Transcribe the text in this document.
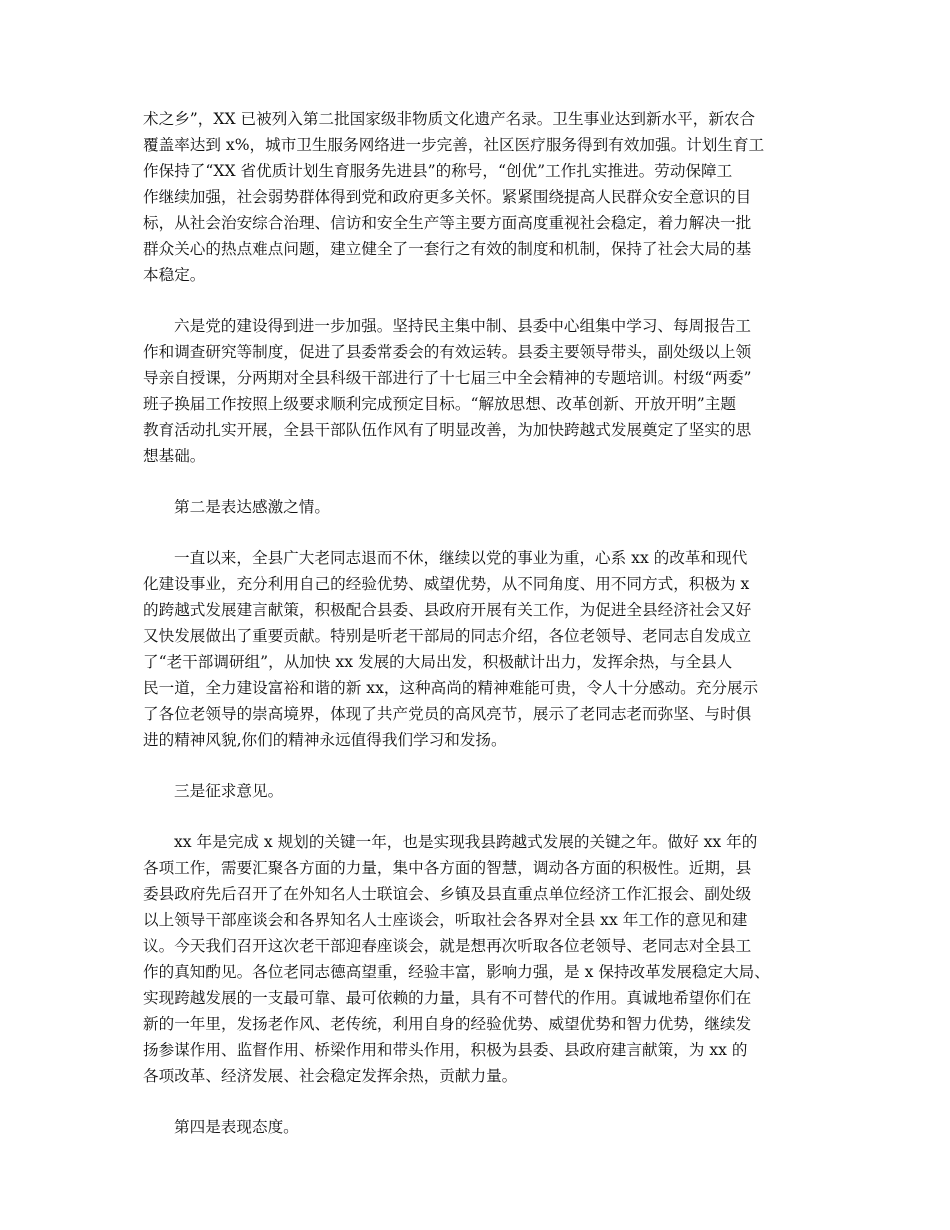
术之乡”，XX 已被列入第二批国家级非物质文化遗产名录。卫生事业达到新水平，新农合
覆盖率达到 x%，城市卫生服务网络进一步完善，社区医疗服务得到有效加强。计划生育工
作保持了“XX 省优质计划生育服务先进县”的称号，“创优”工作扎实推进。劳动保障工
作继续加强，社会弱势群体得到党和政府更多关怀。紧紧围绕提高人民群众安全意识的目
标，从社会治安综合治理、信访和安全生产等主要方面高度重视社会稳定，着力解决一批
群众关心的热点难点问题，建立健全了一套行之有效的制度和机制，保持了社会大局的基
本稳定。
六是党的建设得到进一步加强。坚持民主集中制、县委中心组集中学习、每周报告工
作和调查研究等制度，促进了县委常委会的有效运转。县委主要领导带头，副处级以上领
导亲自授课，分两期对全县科级干部进行了十七届三中全会精神的专题培训。村级“两委”
班子换届工作按照上级要求顺利完成预定目标。“解放思想、改革创新、开放开明”主题
教育活动扎实开展，全县干部队伍作风有了明显改善，为加快跨越式发展奠定了坚实的思
想基础。
第二是表达感激之情。
一直以来，全县广大老同志退而不休，继续以党的事业为重，心系 xx 的改革和现代
化建设事业，充分利用自己的经验优势、威望优势，从不同角度、用不同方式，积极为 x
的跨越式发展建言献策，积极配合县委、县政府开展有关工作，为促进全县经济社会又好
又快发展做出了重要贡献。特别是听老干部局的同志介绍，各位老领导、老同志自发成立
了“老干部调研组”，从加快 xx 发展的大局出发，积极献计出力，发挥余热，与全县人
民一道，全力建设富裕和谐的新 xx，这种高尚的精神难能可贵，令人十分感动。充分展示
了各位老领导的崇高境界，体现了共产党员的高风亮节，展示了老同志老而弥坚、与时俱
进的精神风貌,你们的精神永远值得我们学习和发扬。
三是征求意见。
xx 年是完成 x 规划的关键一年，也是实现我县跨越式发展的关键之年。做好 xx 年的
各项工作，需要汇聚各方面的力量，集中各方面的智慧，调动各方面的积极性。近期，县
委县政府先后召开了在外知名人士联谊会、乡镇及县直重点单位经济工作汇报会、副处级
以上领导干部座谈会和各界知名人士座谈会，听取社会各界对全县 xx 年工作的意见和建
议。今天我们召开这次老干部迎春座谈会，就是想再次听取各位老领导、老同志对全县工
作的真知酌见。各位老同志德高望重，经验丰富，影响力强，是 x 保持改革发展稳定大局、
实现跨越发展的一支最可靠、最可依赖的力量，具有不可替代的作用。真诚地希望你们在
新的一年里，发扬老作风、老传统，利用自身的经验优势、威望优势和智力优势，继续发
扬参谋作用、监督作用、桥梁作用和带头作用，积极为县委、县政府建言献策，为 xx 的
各项改革、经济发展、社会稳定发挥余热，贡献力量。
第四是表现态度。
